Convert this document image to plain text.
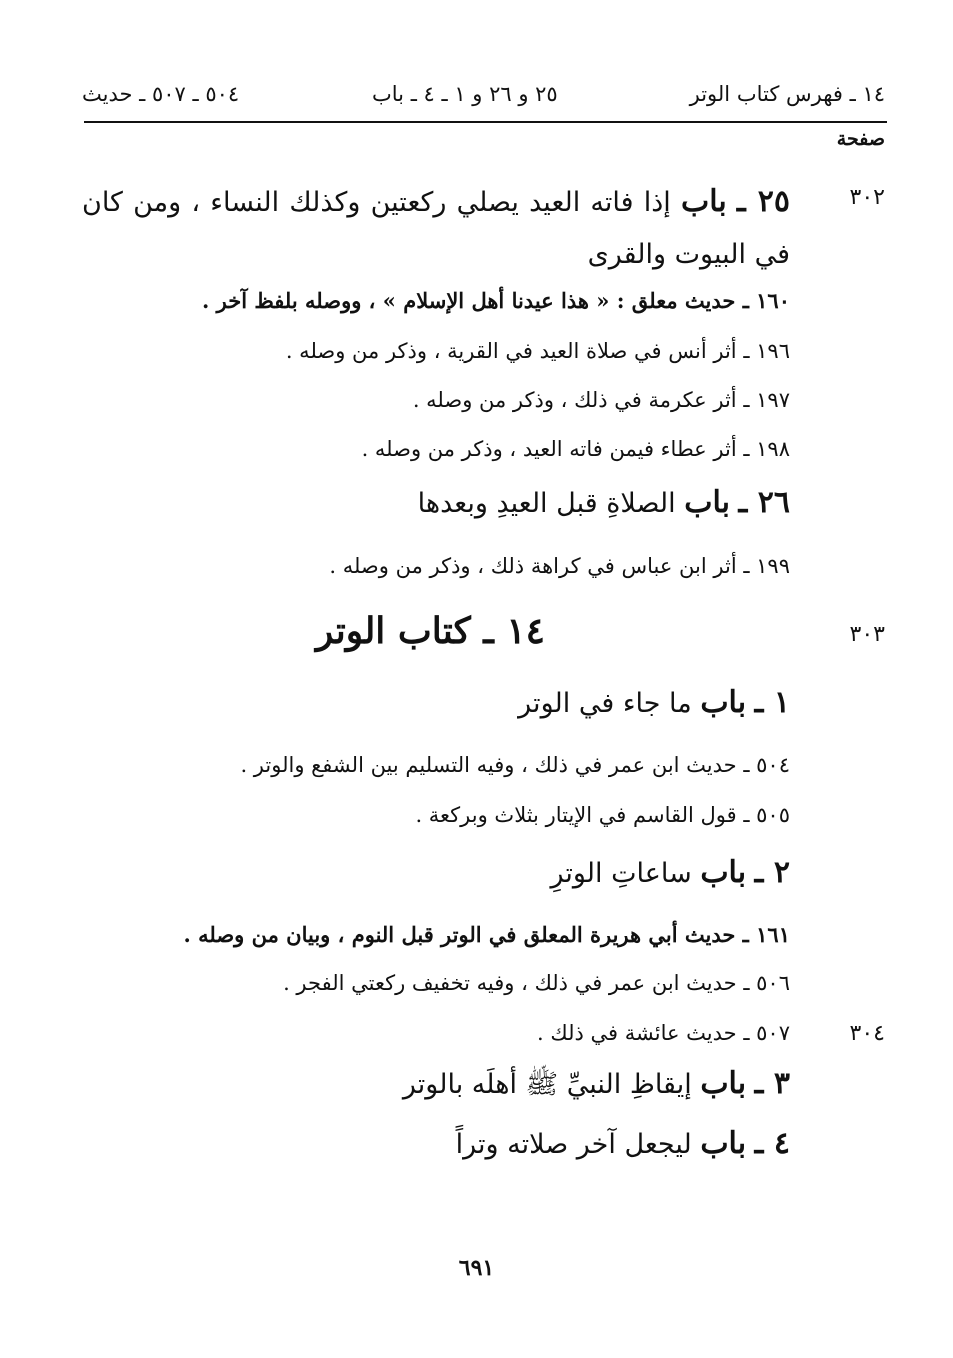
١٤ ـ فهرس كتاب الوتر
٢٥ و ٢٦ و ١ ـ ٤ ـ باب
٥٠٤ ـ ٥٠٧ ـ حديث
صفحة
٣٠٢
٢٥ ـ باب إذا فاته العيد يصلي ركعتين وكذلك النساء ، ومن كان في البيوت والقرى
١٦٠ ـ حديث معلق : « هذا عيدنا أهل الإسلام » ، ووصله بلفظ آخر .
١٩٦ ـ أثر أنس في صلاة العيد في القرية ، وذكر من وصله .
١٩٧ ـ أثر عكرمة في ذلك ، وذكر من وصله .
١٩٨ ـ أثر عطاء فيمن فاته العيد ، وذكر من وصله .
٢٦ ـ باب الصلاةِ قبل العيدِ وبعدها
١٩٩ ـ أثر ابن عباس في كراهة ذلك ، وذكر من وصله .
٣٠٣
١٤ ـ كتاب الوتر
١ ـ باب ما جاء في الوتر
٥٠٤ ـ حديث ابن عمر في ذلك ، وفيه التسليم بين الشفع والوتر .
٥٠٥ ـ قول القاسم في الإيتار بثلاث وبركعة .
٢ ـ باب ساعاتِ الوترِ
١٦١ ـ حديث أبي هريرة المعلق في الوتر قبل النوم ، وبيان من وصله .
٥٠٦ ـ حديث ابن عمر في ذلك ، وفيه تخفيف ركعتي الفجر .
٣٠٤
٥٠٧ ـ حديث عائشة في ذلك .
٣ ـ باب إيقاظِ النبيِّ ﷺ أهلَه بالوتر
٤ ـ باب ليجعل آخر صلاته وتراً
٦٩١
